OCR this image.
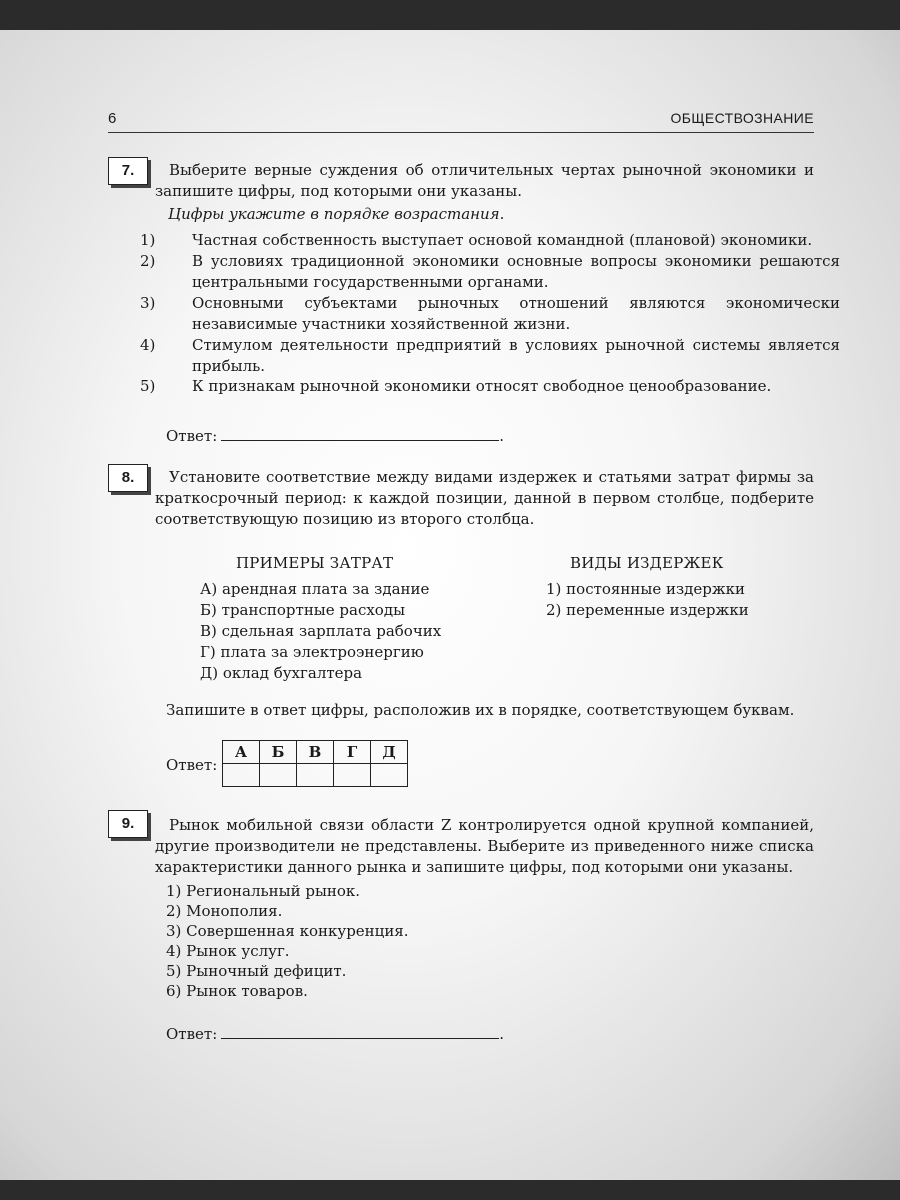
6	ОБЩЕСТВОЗНАНИЕ
7.	Выберите верные суждения об отличительных чертах рыночной экономики и запишите цифры, под которыми они указаны.
Цифры укажите в порядке возрастания.
1) Частная собственность выступает основой командной (плановой) экономики.
2) В условиях традиционной экономики основные вопросы экономики решаются центральными государственными органами.
3) Основными субъектами рыночных отношений являются экономически независимые участники хозяйственной жизни.
4) Стимулом деятельности предприятий в условиях рыночной системы является прибыль.
5) К признакам рыночной экономики относят свободное ценообразование.
Ответ:	.
8.	Установите соответствие между видами издержек и статьями затрат фирмы за краткосрочный период: к каждой позиции, данной в первом столбце, подберите соответствующую позицию из второго столбца.
ПРИМЕРЫ ЗАТРАТ	ВИДЫ ИЗДЕРЖЕК
А) арендная плата за здание
Б) транспортные расходы
В) сдельная зарплата рабочих
Г) плата за электроэнергию
Д) оклад бухгалтера
1) постоянные издержки
2) переменные издержки
Запишите в ответ цифры, расположив их в порядке, соответствующем буквам.
Ответ:
А	Б	В	Г	Д

9.	Рынок мобильной связи области Z контролируется одной крупной компанией, другие производители не представлены. Выберите из приведенного ниже списка характеристики данного рынка и запишите цифры, под которыми они указаны.
1) Региональный рынок.
2) Монополия.
3) Совершенная конкуренция.
4) Рынок услуг.
5) Рыночный дефицит.
6) Рынок товаров.
Ответ:	.
